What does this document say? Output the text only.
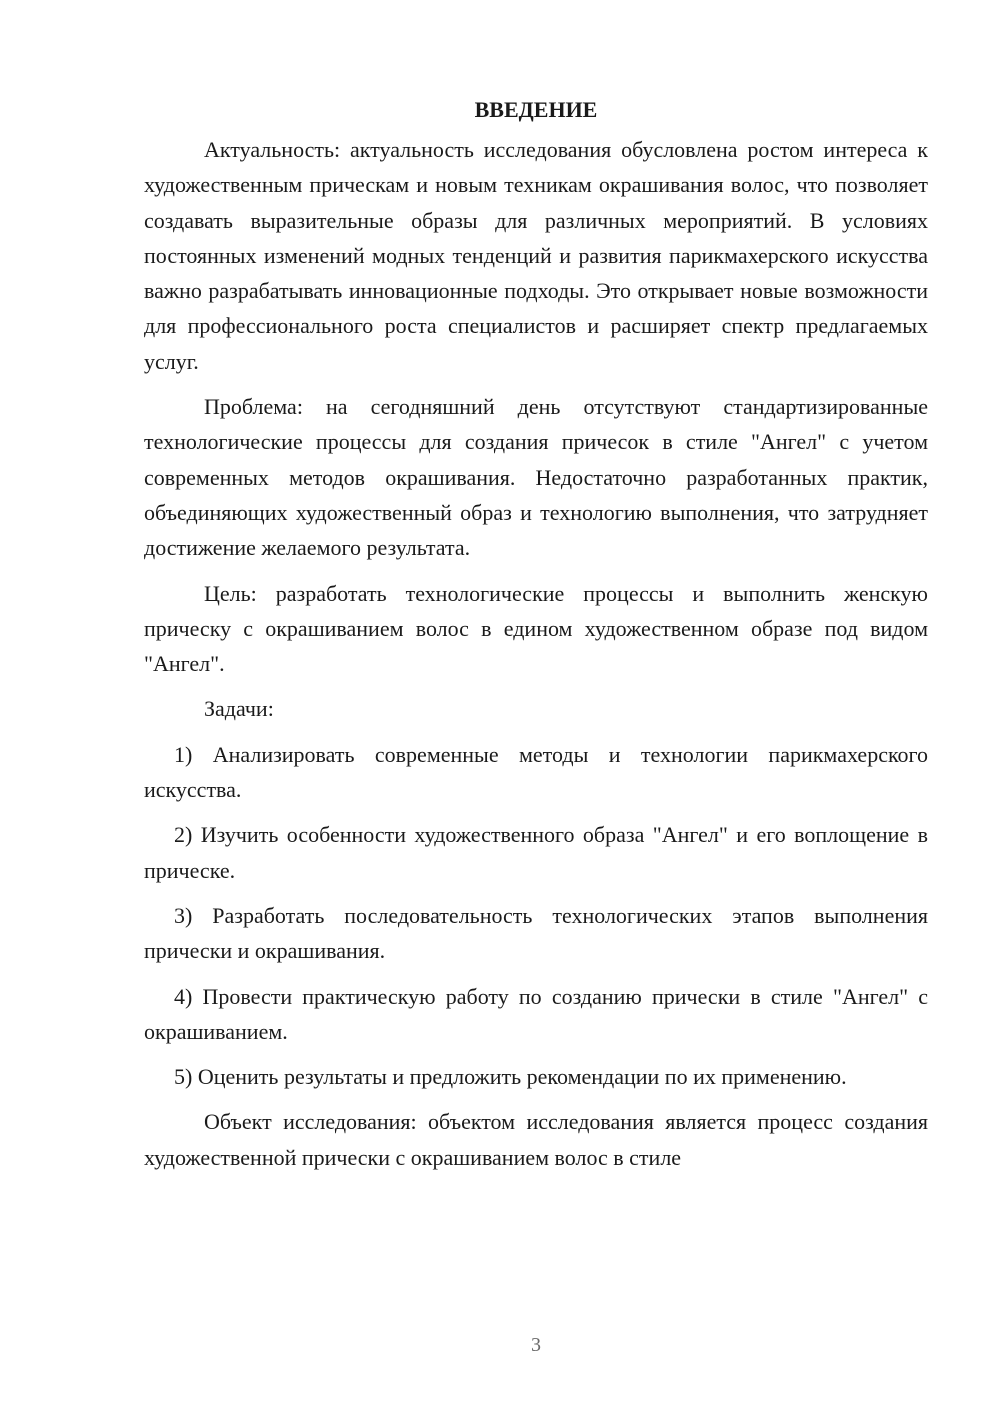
ВВЕДЕНИЕ

Актуальность: актуальность исследования обусловлена ростом интереса к художественным прическам и новым техникам окрашивания волос, что позволяет создавать выразительные образы для различных мероприятий. В условиях постоянных изменений модных тенденций и развития парикмахерского искусства важно разрабатывать инновационные подходы. Это открывает новые возможности для профессионального роста специалистов и расширяет спектр предлагаемых услуг.

Проблема: на сегодняшний день отсутствуют стандартизированные технологические процессы для создания причесок в стиле "Ангел" с учетом современных методов окрашивания. Недостаточно разработанных практик, объединяющих художественный образ и технологию выполнения, что затрудняет достижение желаемого результата.

Цель: разработать технологические процессы и выполнить женскую прическу с окрашиванием волос в едином художественном образе под видом "Ангел".

Задачи:

1) Анализировать современные методы и технологии парикмахерского искусства.

2) Изучить особенности художественного образа "Ангел" и его воплощение в прическе.

3) Разработать последовательность технологических этапов выполнения прически и окрашивания.

4) Провести практическую работу по созданию прически в стиле "Ангел" с окрашиванием.

5) Оценить результаты и предложить рекомендации по их применению.

Объект исследования: объектом исследования является процесс создания художественной прически с окрашиванием волос в стиле

3
